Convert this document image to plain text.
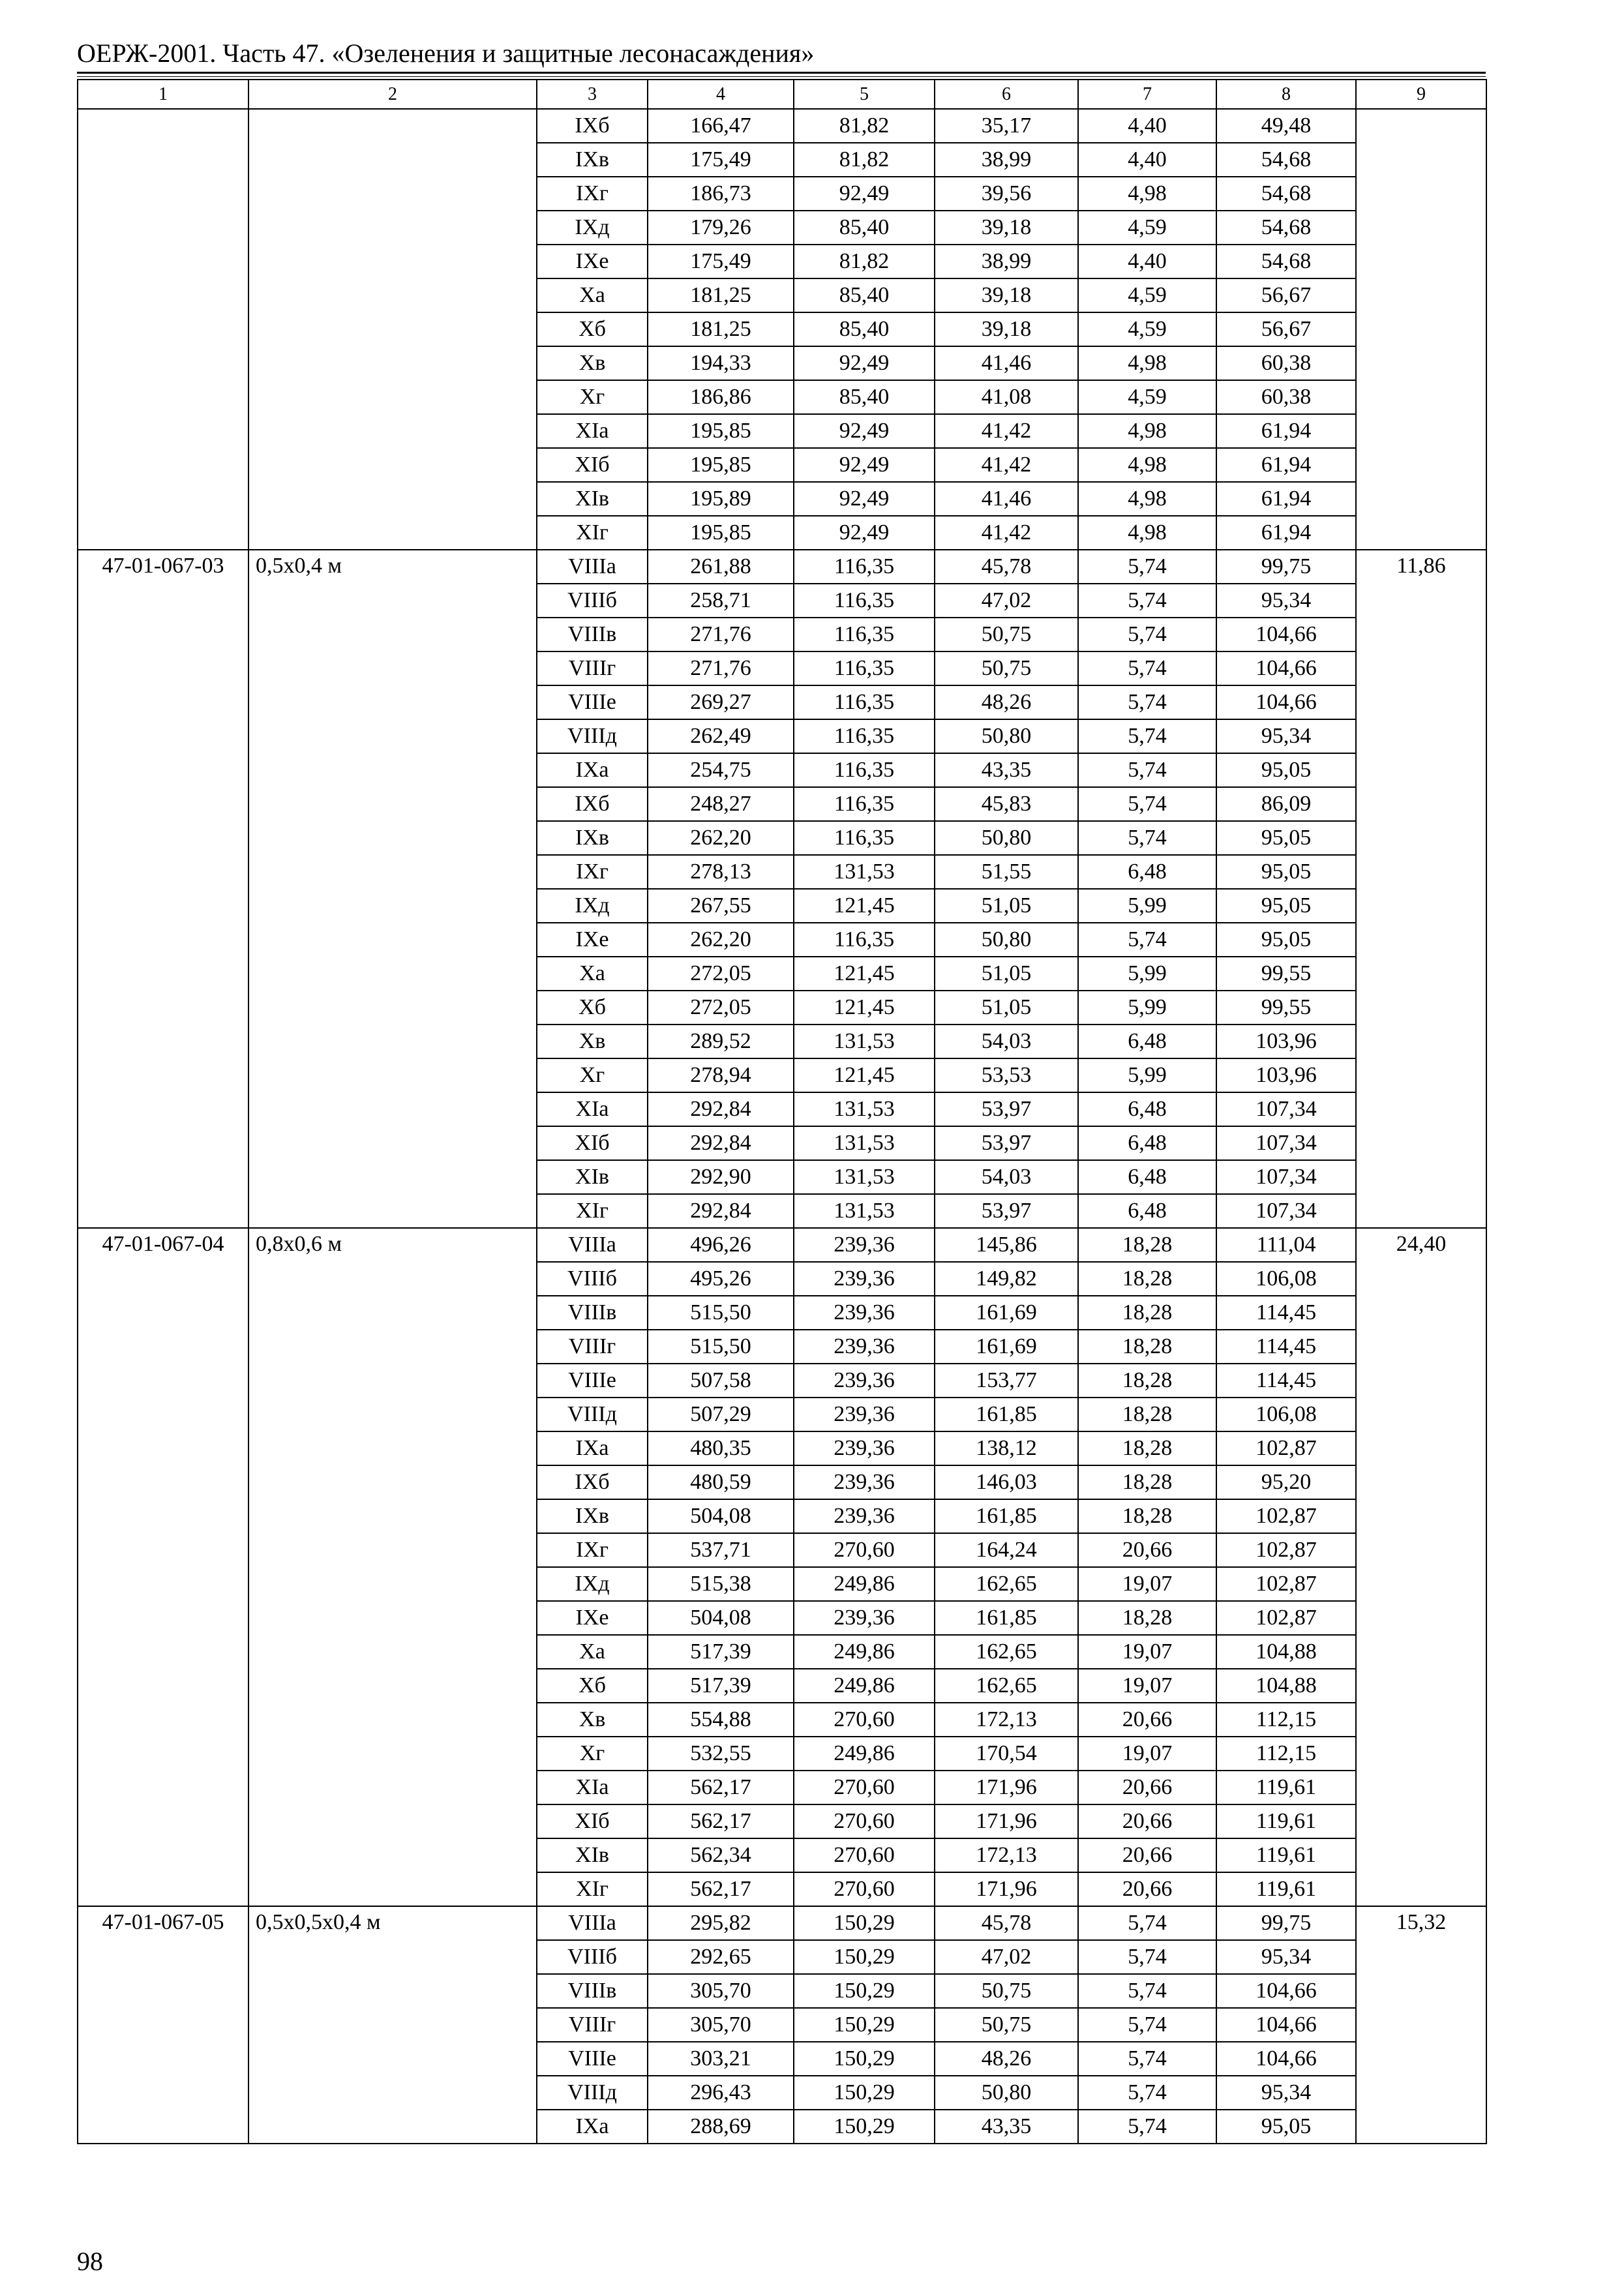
ОЕРЖ-2001. Часть 47. «Озеленения и защитные лесонасаждения»
1	2	3	4	5	6	7	8	9
		IXб	166,47	81,82	35,17	4,40	49,48	
		IXв	175,49	81,82	38,99	4,40	54,68	
		IXг	186,73	92,49	39,56	4,98	54,68	
		IXд	179,26	85,40	39,18	4,59	54,68	
		IXе	175,49	81,82	38,99	4,40	54,68	
		Xа	181,25	85,40	39,18	4,59	56,67	
		Xб	181,25	85,40	39,18	4,59	56,67	
		Xв	194,33	92,49	41,46	4,98	60,38	
		Xг	186,86	85,40	41,08	4,59	60,38	
		XIа	195,85	92,49	41,42	4,98	61,94	
		XIб	195,85	92,49	41,42	4,98	61,94	
		XIв	195,89	92,49	41,46	4,98	61,94	
		XIг	195,85	92,49	41,42	4,98	61,94	
47-01-067-03	0,5x0,4 м	VIIIа	261,88	116,35	45,78	5,74	99,75	11,86
		VIIIб	258,71	116,35	47,02	5,74	95,34	
		VIIIв	271,76	116,35	50,75	5,74	104,66	
		VIIIг	271,76	116,35	50,75	5,74	104,66	
		VIIIе	269,27	116,35	48,26	5,74	104,66	
		VIIIд	262,49	116,35	50,80	5,74	95,34	
		IXа	254,75	116,35	43,35	5,74	95,05	
		IXб	248,27	116,35	45,83	5,74	86,09	
		IXв	262,20	116,35	50,80	5,74	95,05	
		IXг	278,13	131,53	51,55	6,48	95,05	
		IXд	267,55	121,45	51,05	5,99	95,05	
		IXе	262,20	116,35	50,80	5,74	95,05	
		Xа	272,05	121,45	51,05	5,99	99,55	
		Xб	272,05	121,45	51,05	5,99	99,55	
		Xв	289,52	131,53	54,03	6,48	103,96	
		Xг	278,94	121,45	53,53	5,99	103,96	
		XIа	292,84	131,53	53,97	6,48	107,34	
		XIб	292,84	131,53	53,97	6,48	107,34	
		XIв	292,90	131,53	54,03	6,48	107,34	
		XIг	292,84	131,53	53,97	6,48	107,34	
47-01-067-04	0,8x0,6 м	VIIIа	496,26	239,36	145,86	18,28	111,04	24,40
		VIIIб	495,26	239,36	149,82	18,28	106,08	
		VIIIв	515,50	239,36	161,69	18,28	114,45	
		VIIIг	515,50	239,36	161,69	18,28	114,45	
		VIIIе	507,58	239,36	153,77	18,28	114,45	
		VIIIд	507,29	239,36	161,85	18,28	106,08	
		IXа	480,35	239,36	138,12	18,28	102,87	
		IXб	480,59	239,36	146,03	18,28	95,20	
		IXв	504,08	239,36	161,85	18,28	102,87	
		IXг	537,71	270,60	164,24	20,66	102,87	
		IXд	515,38	249,86	162,65	19,07	102,87	
		IXе	504,08	239,36	161,85	18,28	102,87	
		Xа	517,39	249,86	162,65	19,07	104,88	
		Xб	517,39	249,86	162,65	19,07	104,88	
		Xв	554,88	270,60	172,13	20,66	112,15	
		Xг	532,55	249,86	170,54	19,07	112,15	
		XIа	562,17	270,60	171,96	20,66	119,61	
		XIб	562,17	270,60	171,96	20,66	119,61	
		XIв	562,34	270,60	172,13	20,66	119,61	
		XIг	562,17	270,60	171,96	20,66	119,61	
47-01-067-05	0,5x0,5x0,4 м	VIIIа	295,82	150,29	45,78	5,74	99,75	15,32
		VIIIб	292,65	150,29	47,02	5,74	95,34	
		VIIIв	305,70	150,29	50,75	5,74	104,66	
		VIIIг	305,70	150,29	50,75	5,74	104,66	
		VIIIе	303,21	150,29	48,26	5,74	104,66	
		VIIIд	296,43	150,29	50,80	5,74	95,34	
		IXа	288,69	150,29	43,35	5,74	95,05	
98
